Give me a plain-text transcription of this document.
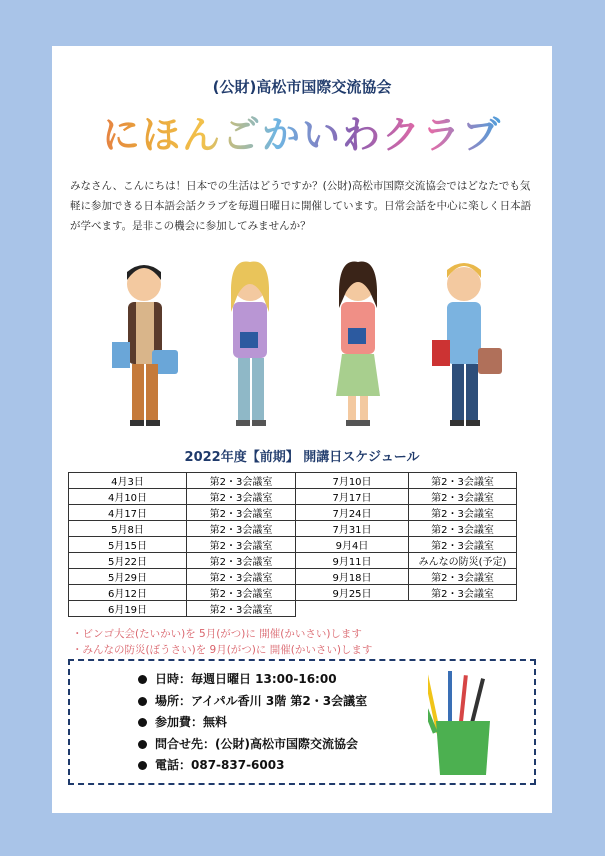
(公財)高松市国際交流協会
にほんごかいわクラブ
みなさん、こんにちは！日本での生活はどうですか？(公財)高松市国際交流協会ではどなたでも気軽に参加できる日本語会話クラブを毎週日曜日に開催しています。日常会話を中心に楽しく日本語が学べます。是非この機会に参加してみませんか？
2022年度【前期】 開講日スケジュール
4月3日	第2・3会議室	7月10日	第2・3会議室
4月10日	第2・3会議室	7月17日	第2・3会議室
4月17日	第2・3会議室	7月24日	第2・3会議室
5月8日	第2・3会議室	7月31日	第2・3会議室
5月15日	第2・3会議室	9月4日	第2・3会議室
5月22日	第2・3会議室	9月11日	みんなの防災(予定)
5月29日	第2・3会議室	9月18日	第2・3会議室
6月12日	第2・3会議室	9月25日	第2・3会議室
6月19日	第2・3会議室		
・ビンゴ大会(たいかい)を 5月(がつ)に 開催(かいさい)します
・みんなの防災(ぼうさい)を 9月(がつ)に 開催(かいさい)します
日時：毎週日曜日 13:00-16:00
場所：アイパル香川 3階 第2・3会議室
参加費：無料
問合せ先：(公財)高松市国際交流協会
電話：087-837-6003
